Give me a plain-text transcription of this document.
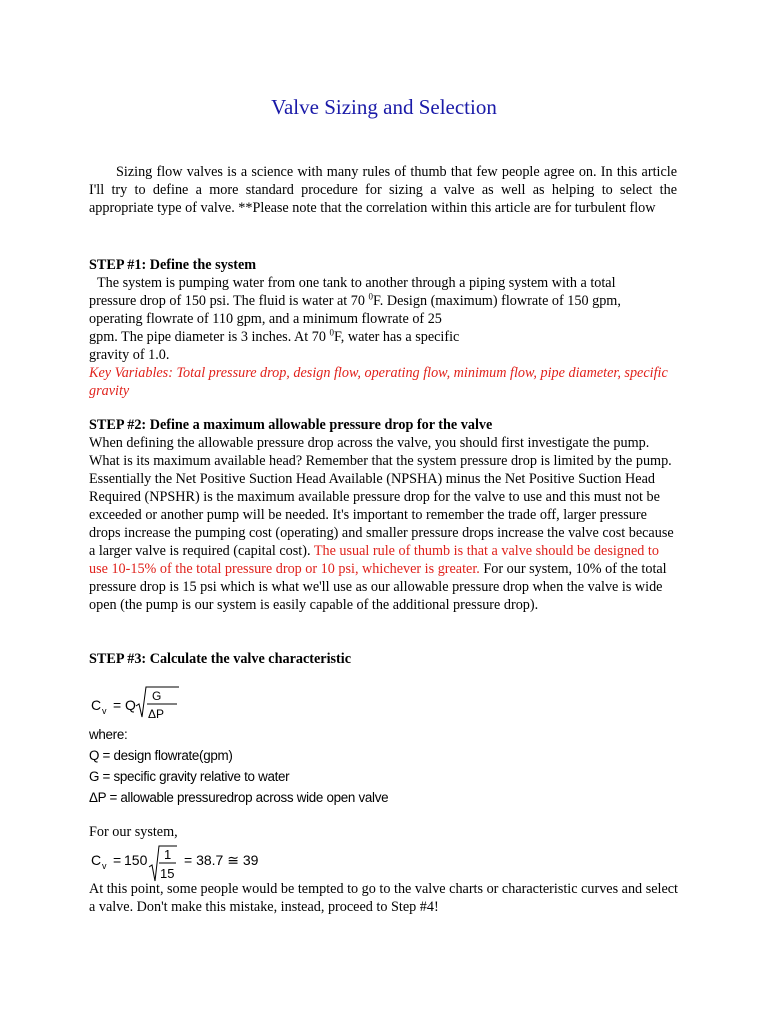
Valve Sizing and Selection

Sizing flow valves is a science with many rules of thumb that few people agree on. In this article I'll try to define a more standard procedure for sizing a valve as well as helping to select the appropriate type of valve. **Please note that the correlation within this article are for turbulent flow

STEP #1: Define the system

The system is pumping water from one tank to another through a piping system with a total

pressure drop of 150 psi. The fluid is water at 70 $^0$F. Design (maximum) flowrate of 150 gpm,

operating flowrate of 110 gpm, and a minimum flowrate of 25

gpm. The pipe diameter is 3 inches. At 70 $^0$F, water has a specific

gravity of 1.0.

Key Variables: Total pressure drop, design flow, operating flow, minimum flow, pipe diameter, specific gravity

STEP #2: Define a maximum allowable pressure drop for the valve

When defining the allowable pressure drop across the valve, you should first investigate the pump. What is its maximum available head? Remember that the system pressure drop is limited by the pump. Essentially the Net Positive Suction Head Available (NPSHA) minus the Net Positive Suction Head Required (NPSHR) is the maximum available pressure drop for the valve to use and this must not be exceeded or another pump will be needed. It's important to remember the trade off, larger pressure drops increase the pumping cost (operating) and smaller pressure drops increase the valve cost because a larger valve is required (capital cost). The usual rule of thumb is that a valve should be designed to use 10-15% of the total pressure drop or 10 psi, whichever is greater. For our system, 10% of the total pressure drop is 15 psi which is what we'll use as our allowable pressure drop when the valve is wide open (the pump is our system is easily capable of the additional pressure drop).

STEP #3: Calculate the valve characteristic
C v = Q
G
ΔP
where:
Q = design flowrate(gpm)
G = specific gravity relative to water
ΔP = allowable pressuredrop across wide open valve
For our system,
C v = 150 1
15
= 38.7 ≅ 39

At this point, some people would be tempted to go to the valve charts or characteristic curves and select a valve. Don't make this mistake, instead, proceed to Step #4!
